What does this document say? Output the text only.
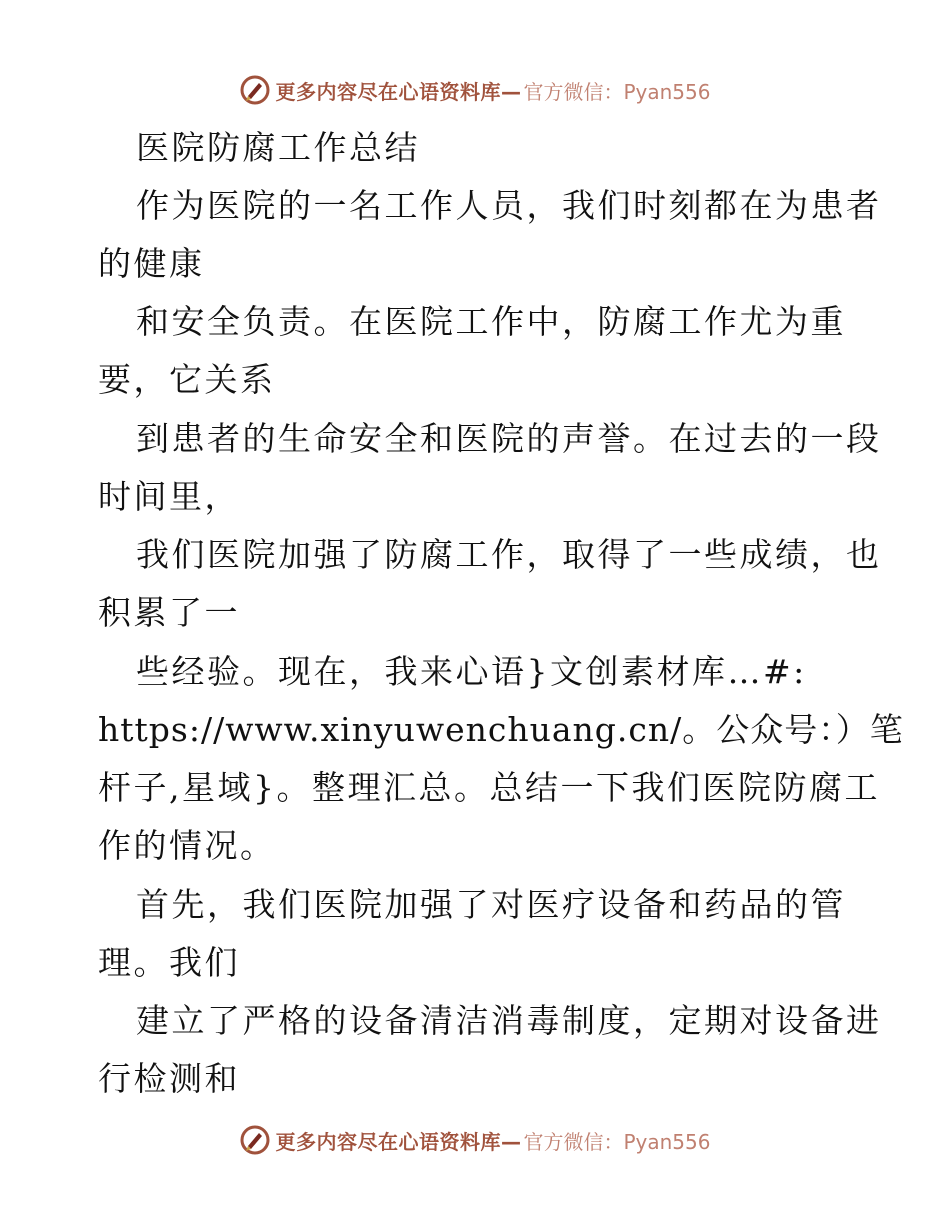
更多内容尽在心语资料库— 官方微信：Pyan556
医院防腐工作总结
作为医院的一名工作人员，我们时刻都在为患者
的健康
和安全负责。在医院工作中，防腐工作尤为重
要，它关系
到患者的生命安全和医院的声誉。在过去的一段
时间里，
我们医院加强了防腐工作，取得了一些成绩，也
积累了一
些经验。现在，我来心语}文创素材库…#:
https://www.xinyuwenchuang.cn/。公众号：）笔
杆子,星域}。整理汇总。总结一下我们医院防腐工
作的情况。
首先，我们医院加强了对医疗设备和药品的管
理。我们
建立了严格的设备清洁消毒制度，定期对设备进
行检测和
更多内容尽在心语资料库— 官方微信：Pyan556
